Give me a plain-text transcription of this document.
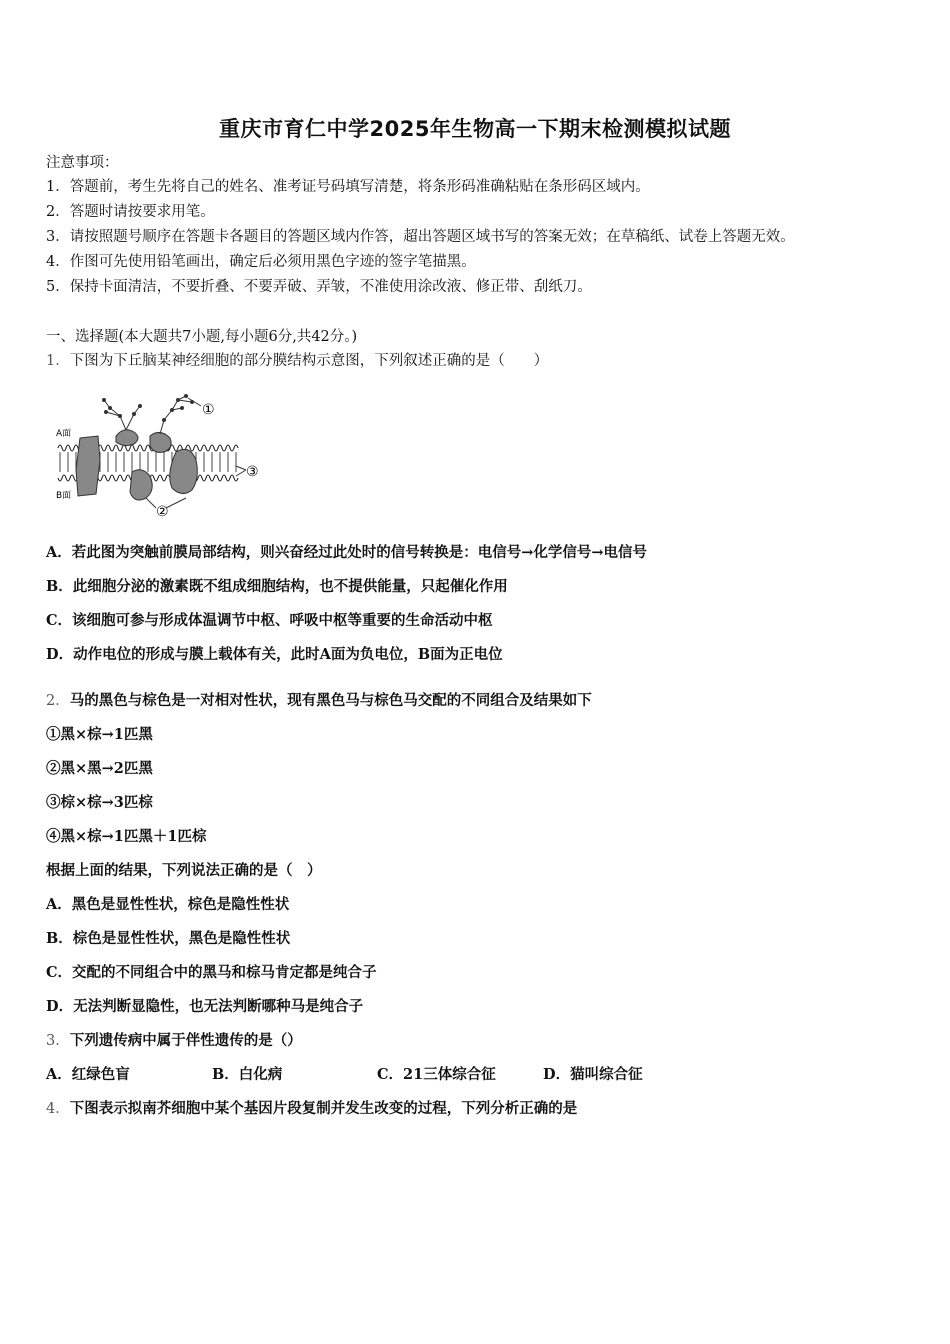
重庆市育仁中学2025年生物高一下期末检测模拟试题
注意事项：
1．答题前，考生先将自己的姓名、准考证号码填写清楚，将条形码准确粘贴在条形码区域内。
2．答题时请按要求用笔。
3．请按照题号顺序在答题卡各题目的答题区域内作答，超出答题区域书写的答案无效；在草稿纸、试卷上答题无效。
4．作图可先使用铅笔画出，确定后必须用黑色字迹的签字笔描黑。
5．保持卡面清洁，不要折叠、不要弄破、弄皱，不准使用涂改液、修正带、刮纸刀。
一、选择题(本大题共7小题,每小题6分,共42分。)
1．下图为下丘脑某神经细胞的部分膜结构示意图，下列叙述正确的是（　　）
A面
B面
①
②
③
A．若此图为突触前膜局部结构，则兴奋经过此处时的信号转换是：电信号→化学信号→电信号
B．此细胞分泌的激素既不组成细胞结构，也不提供能量，只起催化作用
C．该细胞可参与形成体温调节中枢、呼吸中枢等重要的生命活动中枢
D．动作电位的形成与膜上载体有关，此时A面为负电位，B面为正电位
2．马的黑色与棕色是一对相对性状，现有黑色马与棕色马交配的不同组合及结果如下
①黑×棕→1匹黑
②黑×黑→2匹黑
③棕×棕→3匹棕
④黑×棕→1匹黑＋1匹棕
根据上面的结果，下列说法正确的是（　）
A．黑色是显性性状，棕色是隐性性状
B．棕色是显性性状，黑色是隐性性状
C．交配的不同组合中的黑马和棕马肯定都是纯合子
D．无法判断显隐性，也无法判断哪种马是纯合子
3．下列遗传病中属于伴性遗传的是（）
A．红绿色盲	B．白化病	C．21三体综合征	D．猫叫综合征
4．下图表示拟南芥细胞中某个基因片段复制并发生改变的过程，下列分析正确的是
